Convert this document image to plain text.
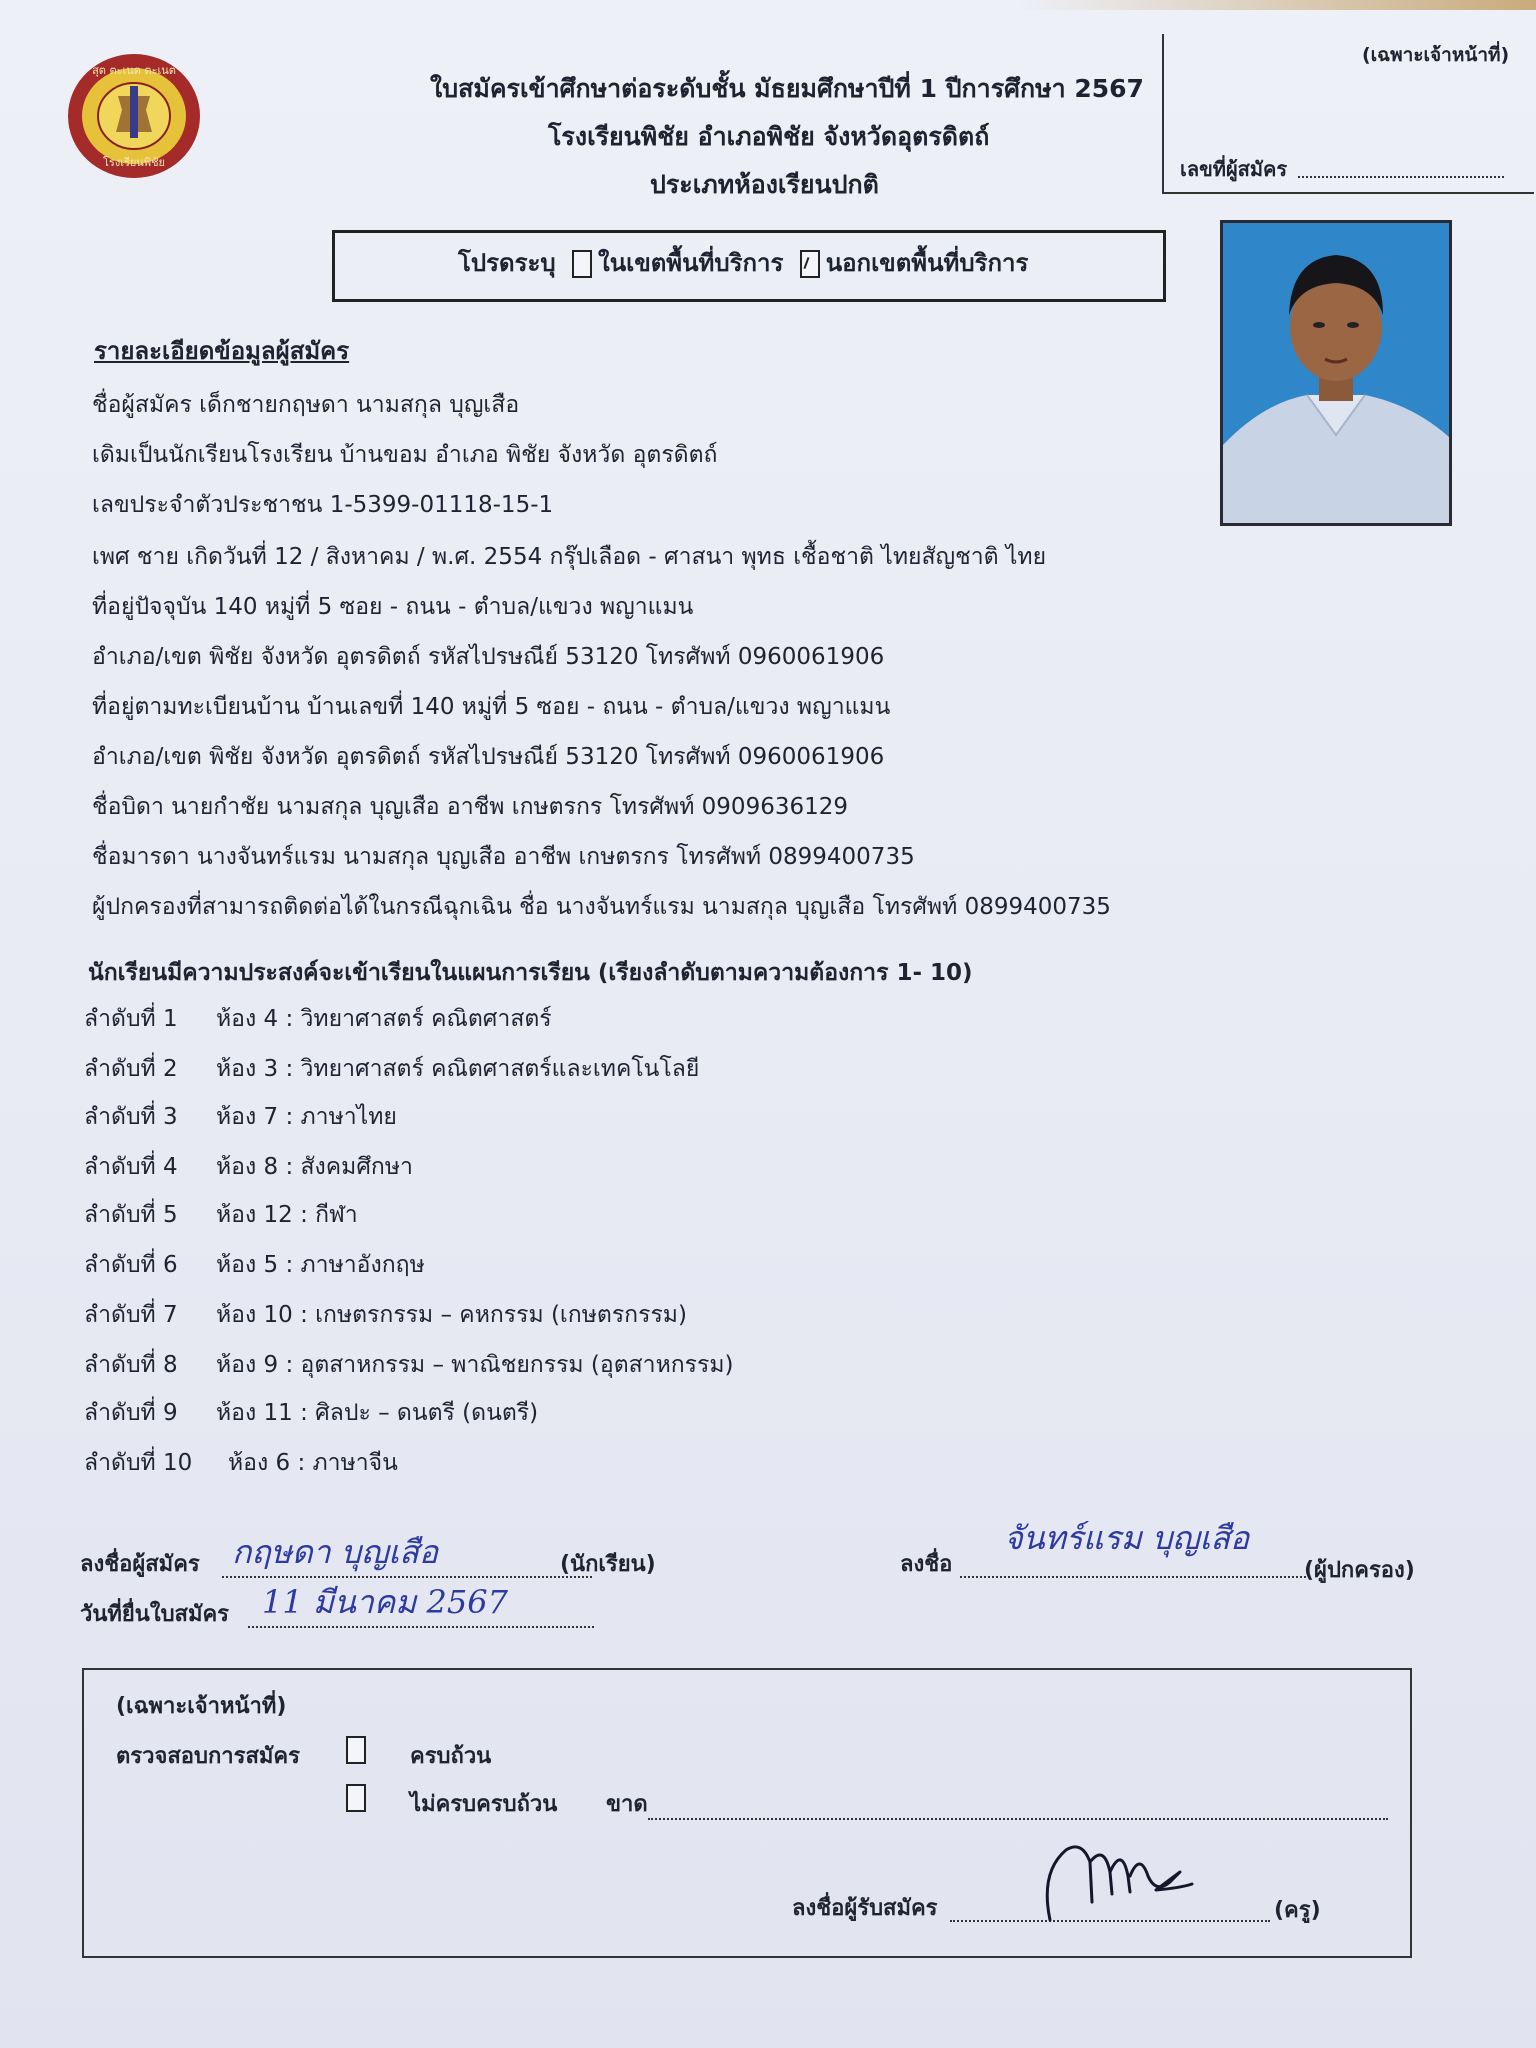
สุต ตะเนต ตะเนต
โรงเรียนพิชัย
ใบสมัครเข้าศึกษาต่อระดับชั้น มัธยมศึกษาปีที่ 1 ปีการศึกษา 2567
โรงเรียนพิชัย อำเภอพิชัย จังหวัดอุตรดิตถ์
ประเภทห้องเรียนปกติ
(เฉพาะเจ้าหน้าที่)
เลขที่ผู้สมัคร
โปรดระบุ ในเขตพื้นที่บริการ นอกเขตพื้นที่บริการ
รายละเอียดข้อมูลผู้สมัคร
ชื่อผู้สมัคร เด็กชายกฤษดา นามสกุล บุญเสือ
เดิมเป็นนักเรียนโรงเรียน บ้านขอม อำเภอ พิชัย จังหวัด อุตรดิตถ์
เลขประจำตัวประชาชน 1-5399-01118-15-1
เพศ ชาย เกิดวันที่ 12 / สิงหาคม / พ.ศ. 2554 กรุ๊ปเลือด - ศาสนา พุทธ เชื้อชาติ ไทยสัญชาติ ไทย
ที่อยู่ปัจจุบัน 140 หมู่ที่ 5 ซอย - ถนน - ตำบล/แขวง พญาแมน
อำเภอ/เขต พิชัย จังหวัด อุตรดิตถ์ รหัสไปรษณีย์ 53120 โทรศัพท์ 0960061906
ที่อยู่ตามทะเบียนบ้าน บ้านเลขที่ 140 หมู่ที่ 5 ซอย - ถนน - ตำบล/แขวง พญาแมน
อำเภอ/เขต พิชัย จังหวัด อุตรดิตถ์ รหัสไปรษณีย์ 53120 โทรศัพท์ 0960061906
ชื่อบิดา นายกำชัย นามสกุล บุญเสือ อาชีพ เกษตรกร โทรศัพท์ 0909636129
ชื่อมารดา นางจันทร์แรม นามสกุล บุญเสือ อาชีพ เกษตรกร โทรศัพท์ 0899400735
ผู้ปกครองที่สามารถติดต่อได้ในกรณีฉุกเฉิน ชื่อ นางจันทร์แรม นามสกุล บุญเสือ โทรศัพท์ 0899400735
นักเรียนมีความประสงค์จะเข้าเรียนในแผนการเรียน (เรียงลำดับตามความต้องการ 1- 10)
ลำดับที่ 1 ห้อง 4 : วิทยาศาสตร์ คณิตศาสตร์
ลำดับที่ 2 ห้อง 3 : วิทยาศาสตร์ คณิตศาสตร์และเทคโนโลยี
ลำดับที่ 3 ห้อง 7 : ภาษาไทย
ลำดับที่ 4 ห้อง 8 : สังคมศึกษา
ลำดับที่ 5 ห้อง 12 : กีฬา
ลำดับที่ 6 ห้อง 5 : ภาษาอังกฤษ
ลำดับที่ 7 ห้อง 10 : เกษตรกรรม – คหกรรม (เกษตรกรรม)
ลำดับที่ 8 ห้อง 9 : อุตสาหกรรม – พาณิชยกรรม (อุตสาหกรรม)
ลำดับที่ 9 ห้อง 11 : ศิลปะ – ดนตรี (ดนตรี)
ลำดับที่ 10 ห้อง 6 : ภาษาจีน
ลงชื่อผู้สมัคร กฤษดา บุญเสือ	(นักเรียน)
วันที่ยื่นใบสมัคร 11 มีนาคม 2567
ลงชื่อ
จันทร์แรม บุญเสือ
(ผู้ปกครอง)
(เฉพาะเจ้าหน้าที่)
ตรวจสอบการสมัคร	ครบถ้วน
ไม่ครบครบถ้วน ขาด
ลงชื่อผู้รับสมัคร	(ครู)
